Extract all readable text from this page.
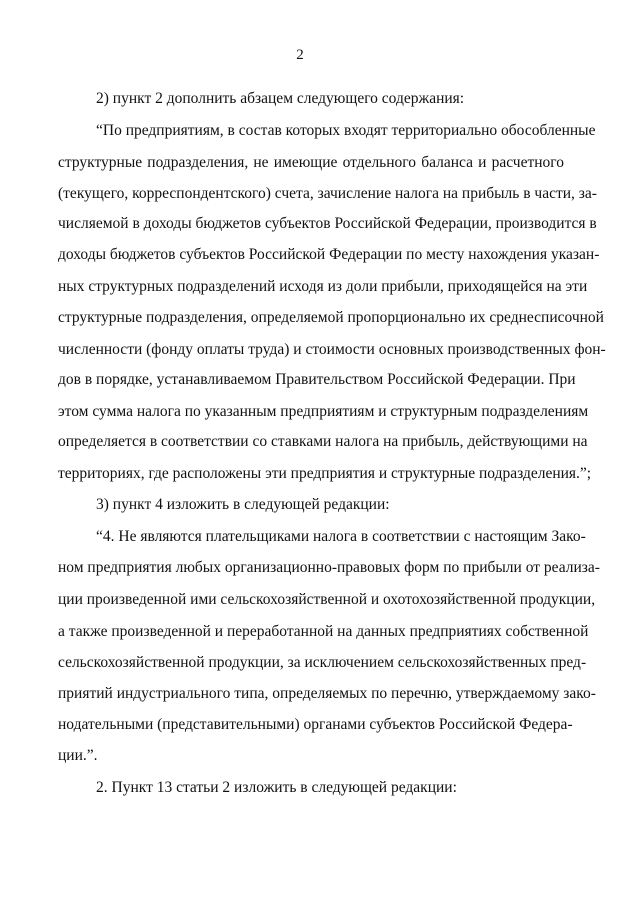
2
2) пункт 2 дополнить абзацем следующего содержания:
“По предприятиям, в состав которых входят территориально обособленные
структурные подразделения, не имеющие отдельного баланса и расчетного
(текущего, корреспондентского) счета, зачисление налога на прибыль в части, за-
числяемой в доходы бюджетов субъектов Российской Федерации, производится в
доходы бюджетов субъектов Российской Федерации по месту нахождения указан-
ных структурных подразделений исходя из доли прибыли, приходящейся на эти
структурные подразделения, определяемой пропорционально их среднесписочной
численности (фонду оплаты труда) и стоимости основных производственных фон-
дов в порядке, устанавливаемом Правительством Российской Федерации. При
этом сумма налога по указанным предприятиям и структурным подразделениям
определяется в соответствии со ставками налога на прибыль, действующими на
территориях, где расположены эти предприятия и структурные подразделения.”;
3) пункт 4 изложить в следующей редакции:
“4. Не являются плательщиками налога в соответствии с настоящим Зако-
ном предприятия любых организационно-правовых форм по прибыли от реализа-
ции произведенной ими сельскохозяйственной и охотохозяйственной продукции,
а также произведенной и переработанной на данных предприятиях собственной
сельскохозяйственной продукции, за исключением сельскохозяйственных пред-
приятий индустриального типа, определяемых по перечню, утверждаемому зако-
нодательными (представительными) органами субъектов Российской Федера-
ции.”.
2. Пункт 13 статьи 2 изложить в следующей редакции:
